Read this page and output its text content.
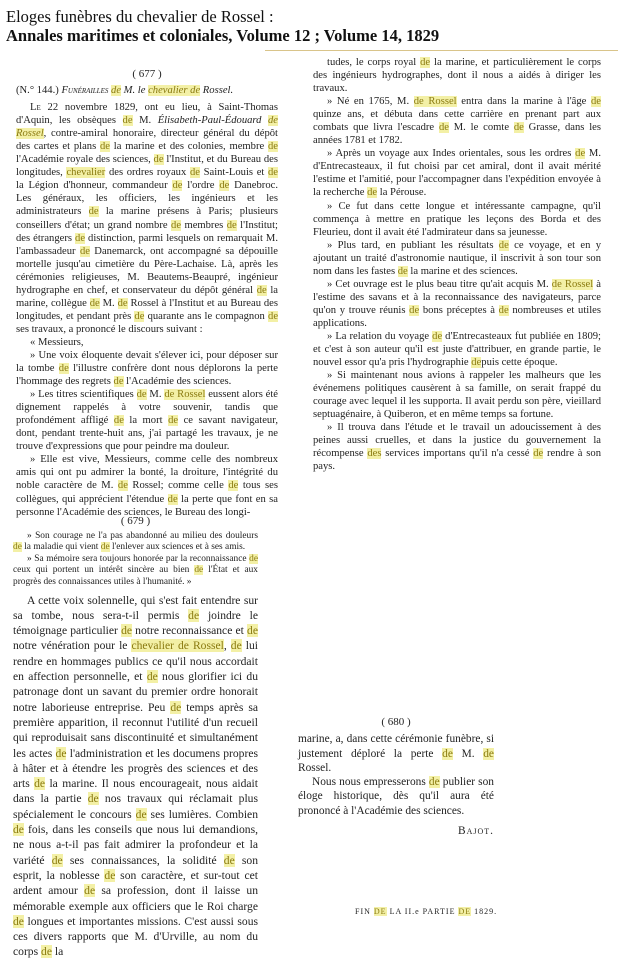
Eloges funèbres du chevalier de Rossel :
Annales maritimes et coloniales, Volume 12 ; Volume 14, 1829
( 677 )
(N.° 144.) Funérailles de M. le chevalier de Rossel.

Le 22 novembre 1829, ont eu lieu, à Saint-Thomas d'Aquin, les obsèques de M. Élisabeth-Paul-Édouard de Rossel, contre-amiral honoraire, directeur général du dépôt des cartes et plans de la marine et des colonies, membre de l'Académie royale des sciences, de l'Institut, et du Bureau des longitudes, chevalier des ordres royaux de Saint-Louis et de la Légion d'honneur, commandeur de l'ordre de Danebroc. Les généraux, les officiers, les ingénieurs et les administrateurs de la marine présens à Paris; plusieurs conseillers d'état; un grand nombre de membres de l'Institut; des étrangers de distinction, parmi lesquels on remarquait M. l'ambassadeur de Danemarck, ont accompagné sa dépouille mortelle jusqu'au cimetière du Père-Lachaise. Là, après les cérémonies religieuses, M. Beautems-Beaupré, ingénieur hydrographe en chef, et conservateur du dépôt général de la marine, collègue de M. de Rossel à l'Institut et au Bureau des longitudes, et pendant près de quarante ans le compagnon de ses travaux, a prononcé le discours suivant :

« Messieurs,

» Une voix éloquente devait s'élever ici, pour déposer sur la tombe de l'illustre confrère dont nous déplorons la perte l'hommage des regrets de l'Académie des sciences.

» Les titres scientifiques de M. de Rossel eussent alors été dignement rappelés à votre souvenir, tandis que profondément affligé de la mort de ce savant navigateur, dont, pendant trente-huit ans, j'ai partagé les travaux, je ne trouve d'expressions que pour peindre ma douleur.

» Elle est vive, Messieurs, comme celle des nombreux amis qui ont pu admirer la bonté, la droiture, l'intégrité du noble caractère de M. de Rossel; comme celle de tous ses collègues, qui apprécient l'étendue de la perte que font en sa personne l'Académie des sciences, le Bureau des longi-

tudes, le corps royal de la marine, et particulièrement le corps des ingénieurs hydrographes, dont il nous a aidés à diriger les travaux.

» Né en 1765, M. de Rossel entra dans la marine à l'âge de quinze ans, et débuta dans cette carrière en prenant part aux combats que livra l'escadre de M. le comte de Grasse, dans les années 1781 et 1782.

» Après un voyage aux Indes orientales, sous les ordres de M. d'Entrecasteaux, il fut choisi par cet amiral, dont il avait mérité l'estime et l'amitié, pour l'accompagner dans l'expédition envoyée à la recherche de la Pérouse.

» Ce fut dans cette longue et intéressante campagne, qu'il commença à mettre en pratique les leçons des Borda et des Fleurieu, dont il avait été l'admirateur dans sa jeunesse.

» Plus tard, en publiant les résultats de ce voyage, et en y ajoutant un traité d'astronomie nautique, il inscrivit à son tour son nom dans les fastes de la marine et des sciences.

» Cet ouvrage est le plus beau titre qu'ait acquis M. de Rossel à l'estime des savans et à la reconnaissance des navigateurs, parce qu'on y trouve réunis de bons préceptes à de nombreuses et utiles applications.

» La relation du voyage de d'Entrecasteaux fut publiée en 1809; et c'est à son auteur qu'il est juste d'attribuer, en grande partie, le nouvel essor qu'a pris l'hydrographie depuis cette époque.

» Si maintenant nous avions à rappeler les malheurs que les événemens politiques causèrent à sa famille, on serait frappé du courage avec lequel il les supporta. Il avait perdu son père, vieillard septuagénaire, à Quiberon, et en même temps sa fortune.

» Il trouva dans l'étude et le travail un adoucissement à des peines aussi cruelles, et dans la justice du gouvernement la récompense des services importans qu'il n'a cessé de rendre à son pays.

( 679 )

» Son courage ne l'a pas abandonné au milieu des douleurs de la maladie qui vient de l'enlever aux sciences et à ses amis.

» Sa mémoire sera toujours honorée par la reconnaissance de ceux qui portent un intérêt sincère au bien de l'État et aux progrès des connaissances utiles à l'humanité. »

A cette voix solennelle, qui s'est fait entendre sur sa tombe, nous sera-t-il permis de joindre le témoignage particulier de notre reconnaissance et de notre vénération pour le chevalier de Rossel, de lui rendre en hommages publics ce qu'il nous accordait en affection personnelle, et de nous glorifier ici du patronage dont un savant du premier ordre honorait notre laborieuse entreprise. Peu de temps après sa première apparition, il reconnut l'utilité d'un recueil qui reproduisait sans discontinuité et simultanément les actes de l'administration et les documens propres à hâter et à étendre les progrès des sciences et des arts de la marine. Il nous encourageait, nous aidait dans la partie de nos travaux qui réclamait plus spécialement le concours de ses lumières. Combien de fois, dans les conseils que nous lui demandions, ne nous a-t-il pas fait admirer la profondeur et la variété de ses connaissances, la solidité de son esprit, la noblesse de son caractère, et sur-tout cet ardent amour de sa profession, dont il laisse un mémorable exemple aux officiers que le Roi charge de longues et importantes missions. C'est aussi sous ces divers rapports que M. d'Urville, au nom du corps de la

( 680 )

marine, a, dans cette cérémonie funèbre, si justement déploré la perte de M. de Rossel.

Nous nous empresserons de publier son éloge historique, dès qu'il aura été prononcé à l'Académie des sciences.

Bajot.
FIN DE LA II.e PARTIE DE 1829.
